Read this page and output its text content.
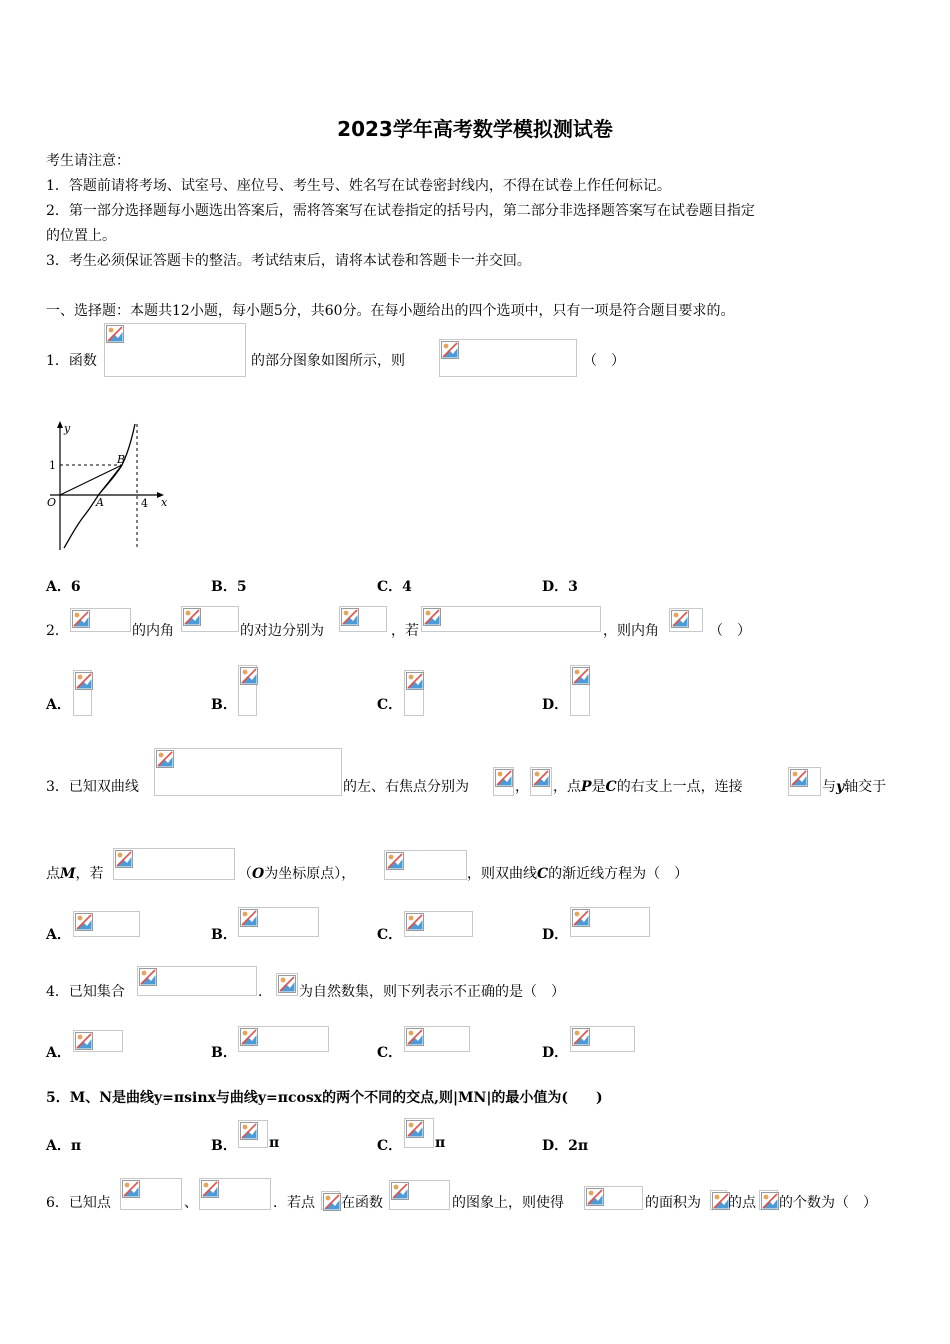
2023学年高考数学模拟测试卷
考生请注意：
1．答题前请将考场、试室号、座位号、考生号、姓名写在试卷密封线内，不得在试卷上作任何标记。
2．第一部分选择题每小题选出答案后，需将答案写在试卷指定的括号内，第二部分非选择题答案写在试卷题目指定
的位置上。
3．考生必须保证答题卡的整洁。考试结束后，请将本试卷和答题卡一并交回。
一、选择题：本题共12小题，每小题5分，共60分。在每小题给出的四个选项中，只有一项是符合题目要求的。
1．函数	的部分图象如图所示，则	（　）
y
x
1
O	A
B
4
A．6	B．5	C．4	D．3
2．	的内角	的对边分别为	，若	，则内角	（　）
A．	B．	C．	D．
3．已知双曲线	的左、右焦点分别为	， ，点P是C的右支上一点，连接	与y轴交于
点M，若	（O为坐标原点），	，则双曲线C的渐近线方程为（　）
A．	B．	C．	D．
4．已知集合	． 为自然数集，则下列表示不正确的是（　）
A．	B．	C．	D．
5．M、N是曲线y=πsinx与曲线y=πcosx的两个不同的交点,则|MN|的最小值为(　　)
A．π	B． π	C． π	D．2π
6．已知点	、	．若点 在函数	的图象上，则使得	的面积为 的点 的个数为（　）
